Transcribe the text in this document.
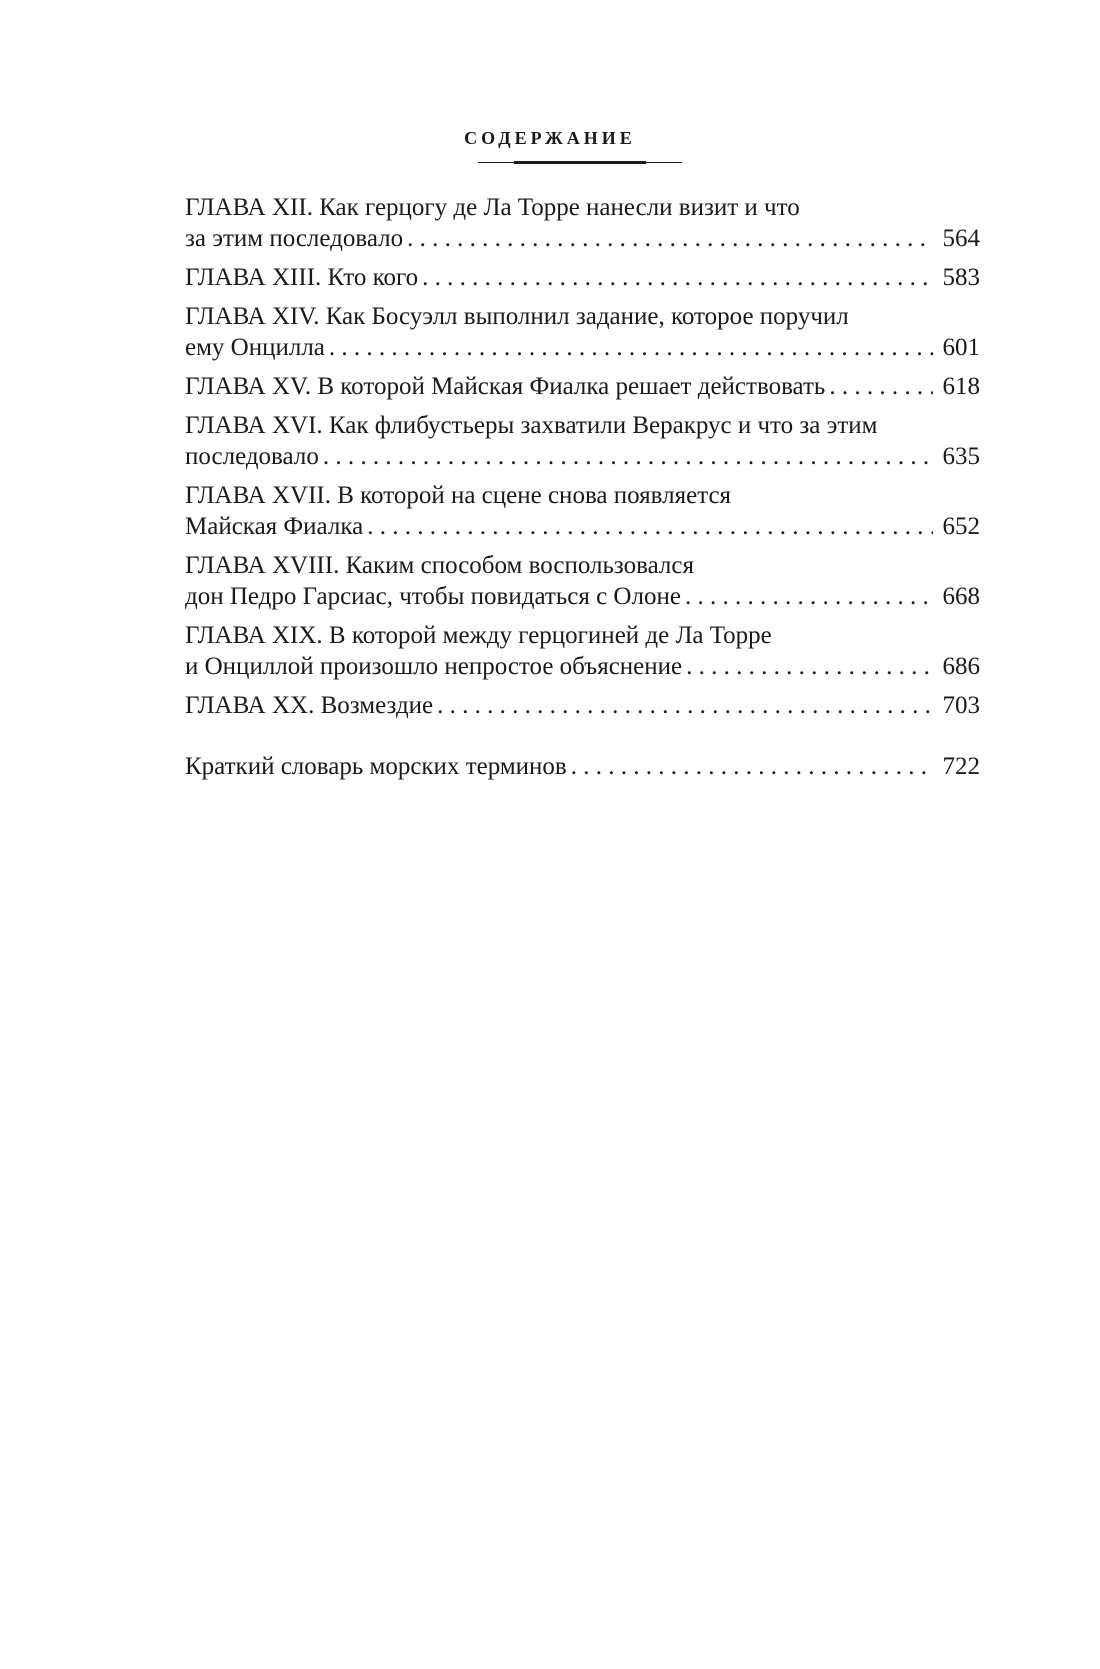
СОДЕРЖАНИЕ
ГЛАВА XII. Как герцогу де Ла Торре нанесли визит и что
за этим последовало . . .	564
ГЛАВА XIII. Кто кого . . .	583
ГЛАВА XIV. Как Босуэлл выполнил задание, которое поручил
ему Онцилла . . .	601
ГЛАВА XV. В которой Майская Фиалка решает действовать . . .	618
ГЛАВА XVI. Как флибустьеры захватили Веракрус и что за этим
последовало . . .	635
ГЛАВА XVII. В которой на сцене снова появляется
Майская Фиалка . . .	652
ГЛАВА XVIII. Каким способом воспользовался
дон Педро Гарсиас, чтобы повидаться с Олоне . . .	668
ГЛАВА XIX. В которой между герцогиней де Ла Торре
и Онциллой произошло непростое объяснение . . .	686
ГЛАВА XX. Возмездие . . .	703
Краткий словарь морских терминов . . .	722
